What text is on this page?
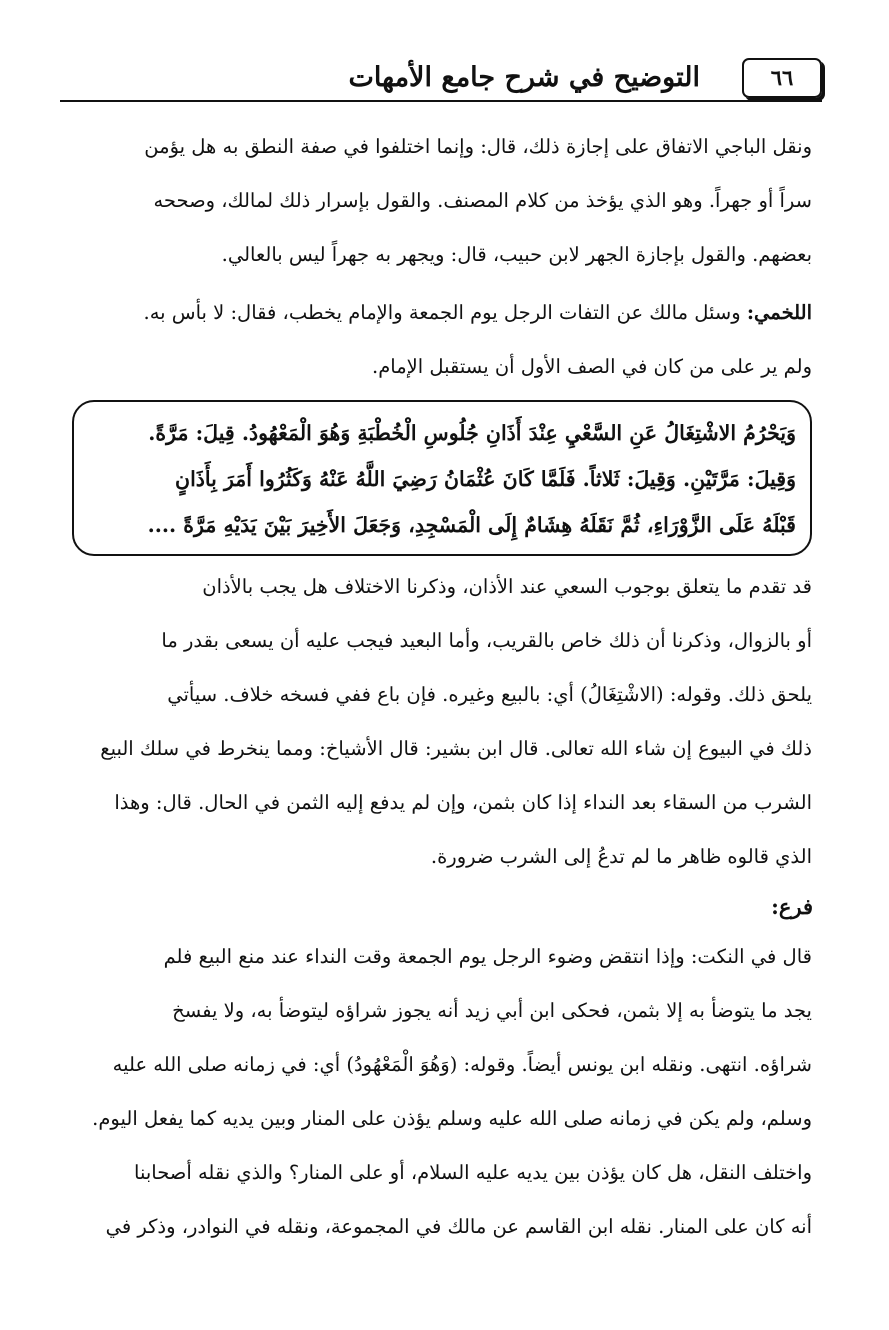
٦٦
التوضيح في شرح جامع الأمهات
ونقل الباجي الاتفاق على إجازة ذلك، قال: وإنما اختلفوا في صفة النطق به هل يؤمن
سراً أو جهراً. وهو الذي يؤخذ من كلام المصنف. والقول بإسرار ذلك لمالك، وصححه
بعضهم. والقول بإجازة الجهر لابن حبيب، قال: ويجهر به جهراً ليس بالعالي.
اللخمي: وسئل مالك عن التفات الرجل يوم الجمعة والإمام يخطب، فقال: لا بأس به.
ولم ير على من كان في الصف الأول أن يستقبل الإمام.
وَيَحْرُمُ الاشْتِغَالُ عَنِ السَّعْيِ عِنْدَ أَذَانِ جُلُوسِ الْخُطْبَةِ وَهُوَ الْمَعْهُودُ. قِيلَ: مَرَّةً.
وَقِيلَ: مَرَّتَيْنِ. وَقِيلَ: ثَلاثاً. فَلَمَّا كَانَ عُثْمَانُ رَضِيَ اللَّهُ عَنْهُ وَكَثُرُوا أَمَرَ بِأَذَانٍ
قَبْلَهُ عَلَى الزَّوْرَاءِ، ثُمَّ نَقَلَهُ هِشَامٌ إِلَى الْمَسْجِدِ، وَجَعَلَ الأَخِيرَ بَيْنَ يَدَيْهِ مَرَّةً ....
قد تقدم ما يتعلق بوجوب السعي عند الأذان، وذكرنا الاختلاف هل يجب بالأذان
أو بالزوال، وذكرنا أن ذلك خاص بالقريب، وأما البعيد فيجب عليه أن يسعى بقدر ما
يلحق ذلك. وقوله: (الاشْتِغَالُ) أي: بالبيع وغيره. فإن باع ففي فسخه خلاف. سيأتي
ذلك في البيوع إن شاء الله تعالى. قال ابن بشير: قال الأشياخ: ومما ينخرط في سلك البيع
الشرب من السقاء بعد النداء إذا كان بثمن، وإن لم يدفع إليه الثمن في الحال. قال: وهذا
الذي قالوه ظاهر ما لم تدعُ إلى الشرب ضرورة.
فرع:
قال في النكت: وإذا انتقض وضوء الرجل يوم الجمعة وقت النداء عند منع البيع فلم
يجد ما يتوضأ به إلا بثمن، فحكى ابن أبي زيد أنه يجوز شراؤه ليتوضأ به، ولا يفسخ
شراؤه. انتهى. ونقله ابن يونس أيضاً. وقوله: (وَهُوَ الْمَعْهُودُ) أي: في زمانه صلى الله عليه
وسلم، ولم يكن في زمانه صلى الله عليه وسلم يؤذن على المنار وبين يديه كما يفعل اليوم.
واختلف النقل، هل كان يؤذن بين يديه عليه السلام، أو على المنار؟ والذي نقله أصحابنا
أنه كان على المنار. نقله ابن القاسم عن مالك في المجموعة، ونقله في النوادر، وذكر في
